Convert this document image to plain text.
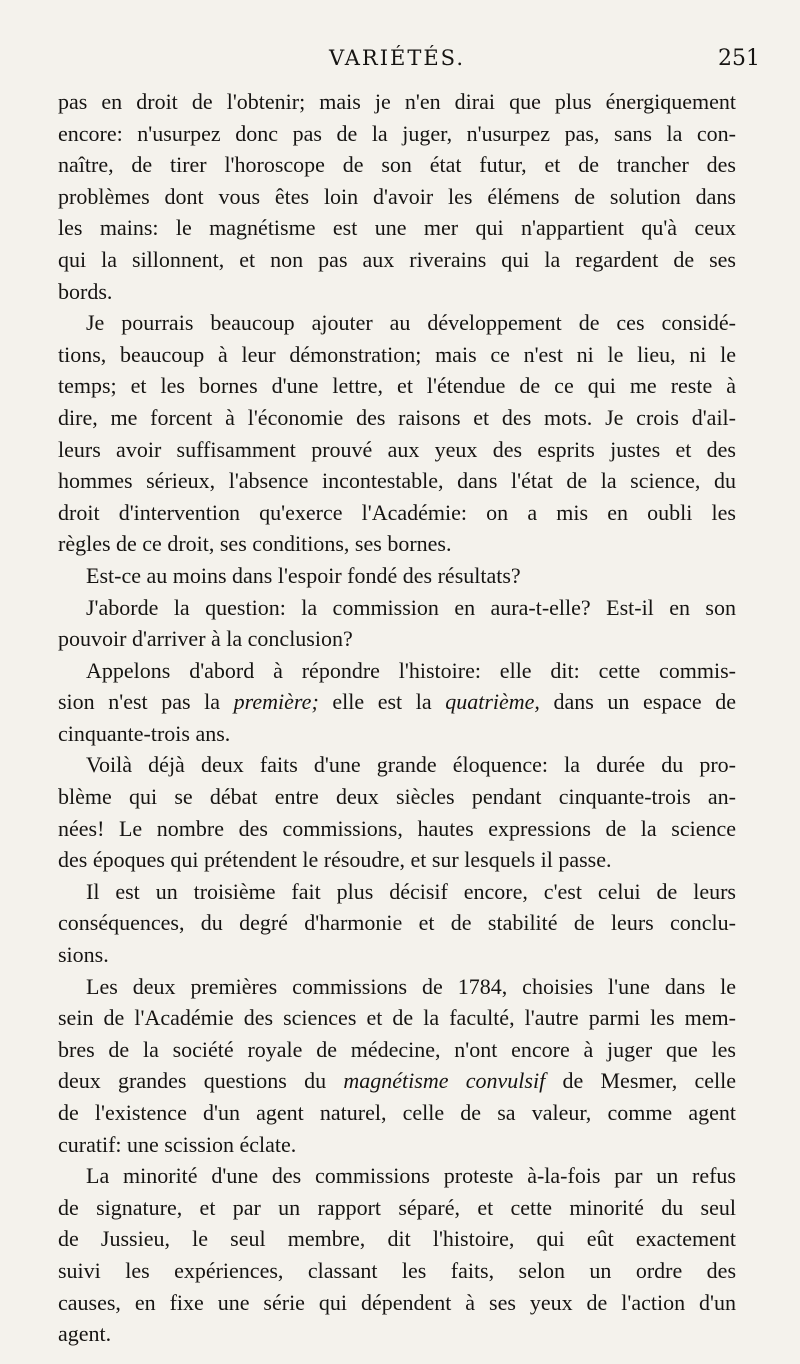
VARIÉTÉS.	251
pas en droit de l'obtenir; mais je n'en dirai que plus énergiquement
encore: n'usurpez donc pas de la juger, n'usurpez pas, sans la con-
naître, de tirer l'horoscope de son état futur, et de trancher des
problèmes dont vous êtes loin d'avoir les élémens de solution dans
les mains: le magnétisme est une mer qui n'appartient qu'à ceux
qui la sillonnent, et non pas aux riverains qui la regardent de ses
bords.
Je pourrais beaucoup ajouter au développement de ces considé-
tions, beaucoup à leur démonstration; mais ce n'est ni le lieu, ni le
temps; et les bornes d'une lettre, et l'étendue de ce qui me reste à
dire, me forcent à l'économie des raisons et des mots. Je crois d'ail-
leurs avoir suffisamment prouvé aux yeux des esprits justes et des
hommes sérieux, l'absence incontestable, dans l'état de la science, du
droit d'intervention qu'exerce l'Académie: on a mis en oubli les
règles de ce droit, ses conditions, ses bornes.
Est-ce au moins dans l'espoir fondé des résultats?
J'aborde la question: la commission en aura-t-elle? Est-il en son
pouvoir d'arriver à la conclusion?
Appelons d'abord à répondre l'histoire: elle dit: cette commis-
sion n'est pas la première; elle est la quatrième, dans un espace de
cinquante-trois ans.
Voilà déjà deux faits d'une grande éloquence: la durée du pro-
blème qui se débat entre deux siècles pendant cinquante-trois an-
nées! Le nombre des commissions, hautes expressions de la science
des époques qui prétendent le résoudre, et sur lesquels il passe.
Il est un troisième fait plus décisif encore, c'est celui de leurs
conséquences, du degré d'harmonie et de stabilité de leurs conclu-
sions.
Les deux premières commissions de 1784, choisies l'une dans le
sein de l'Académie des sciences et de la faculté, l'autre parmi les mem-
bres de la société royale de médecine, n'ont encore à juger que les
deux grandes questions du magnétisme convulsif de Mesmer, celle
de l'existence d'un agent naturel, celle de sa valeur, comme agent
curatif: une scission éclate.
La minorité d'une des commissions proteste à-la-fois par un refus
de signature, et par un rapport séparé, et cette minorité du seul
de Jussieu, le seul membre, dit l'histoire, qui eût exactement
suivi les expériences, classant les faits, selon un ordre des
causes, en fixe une série qui dépendent à ses yeux de l'action d'un
agent.
